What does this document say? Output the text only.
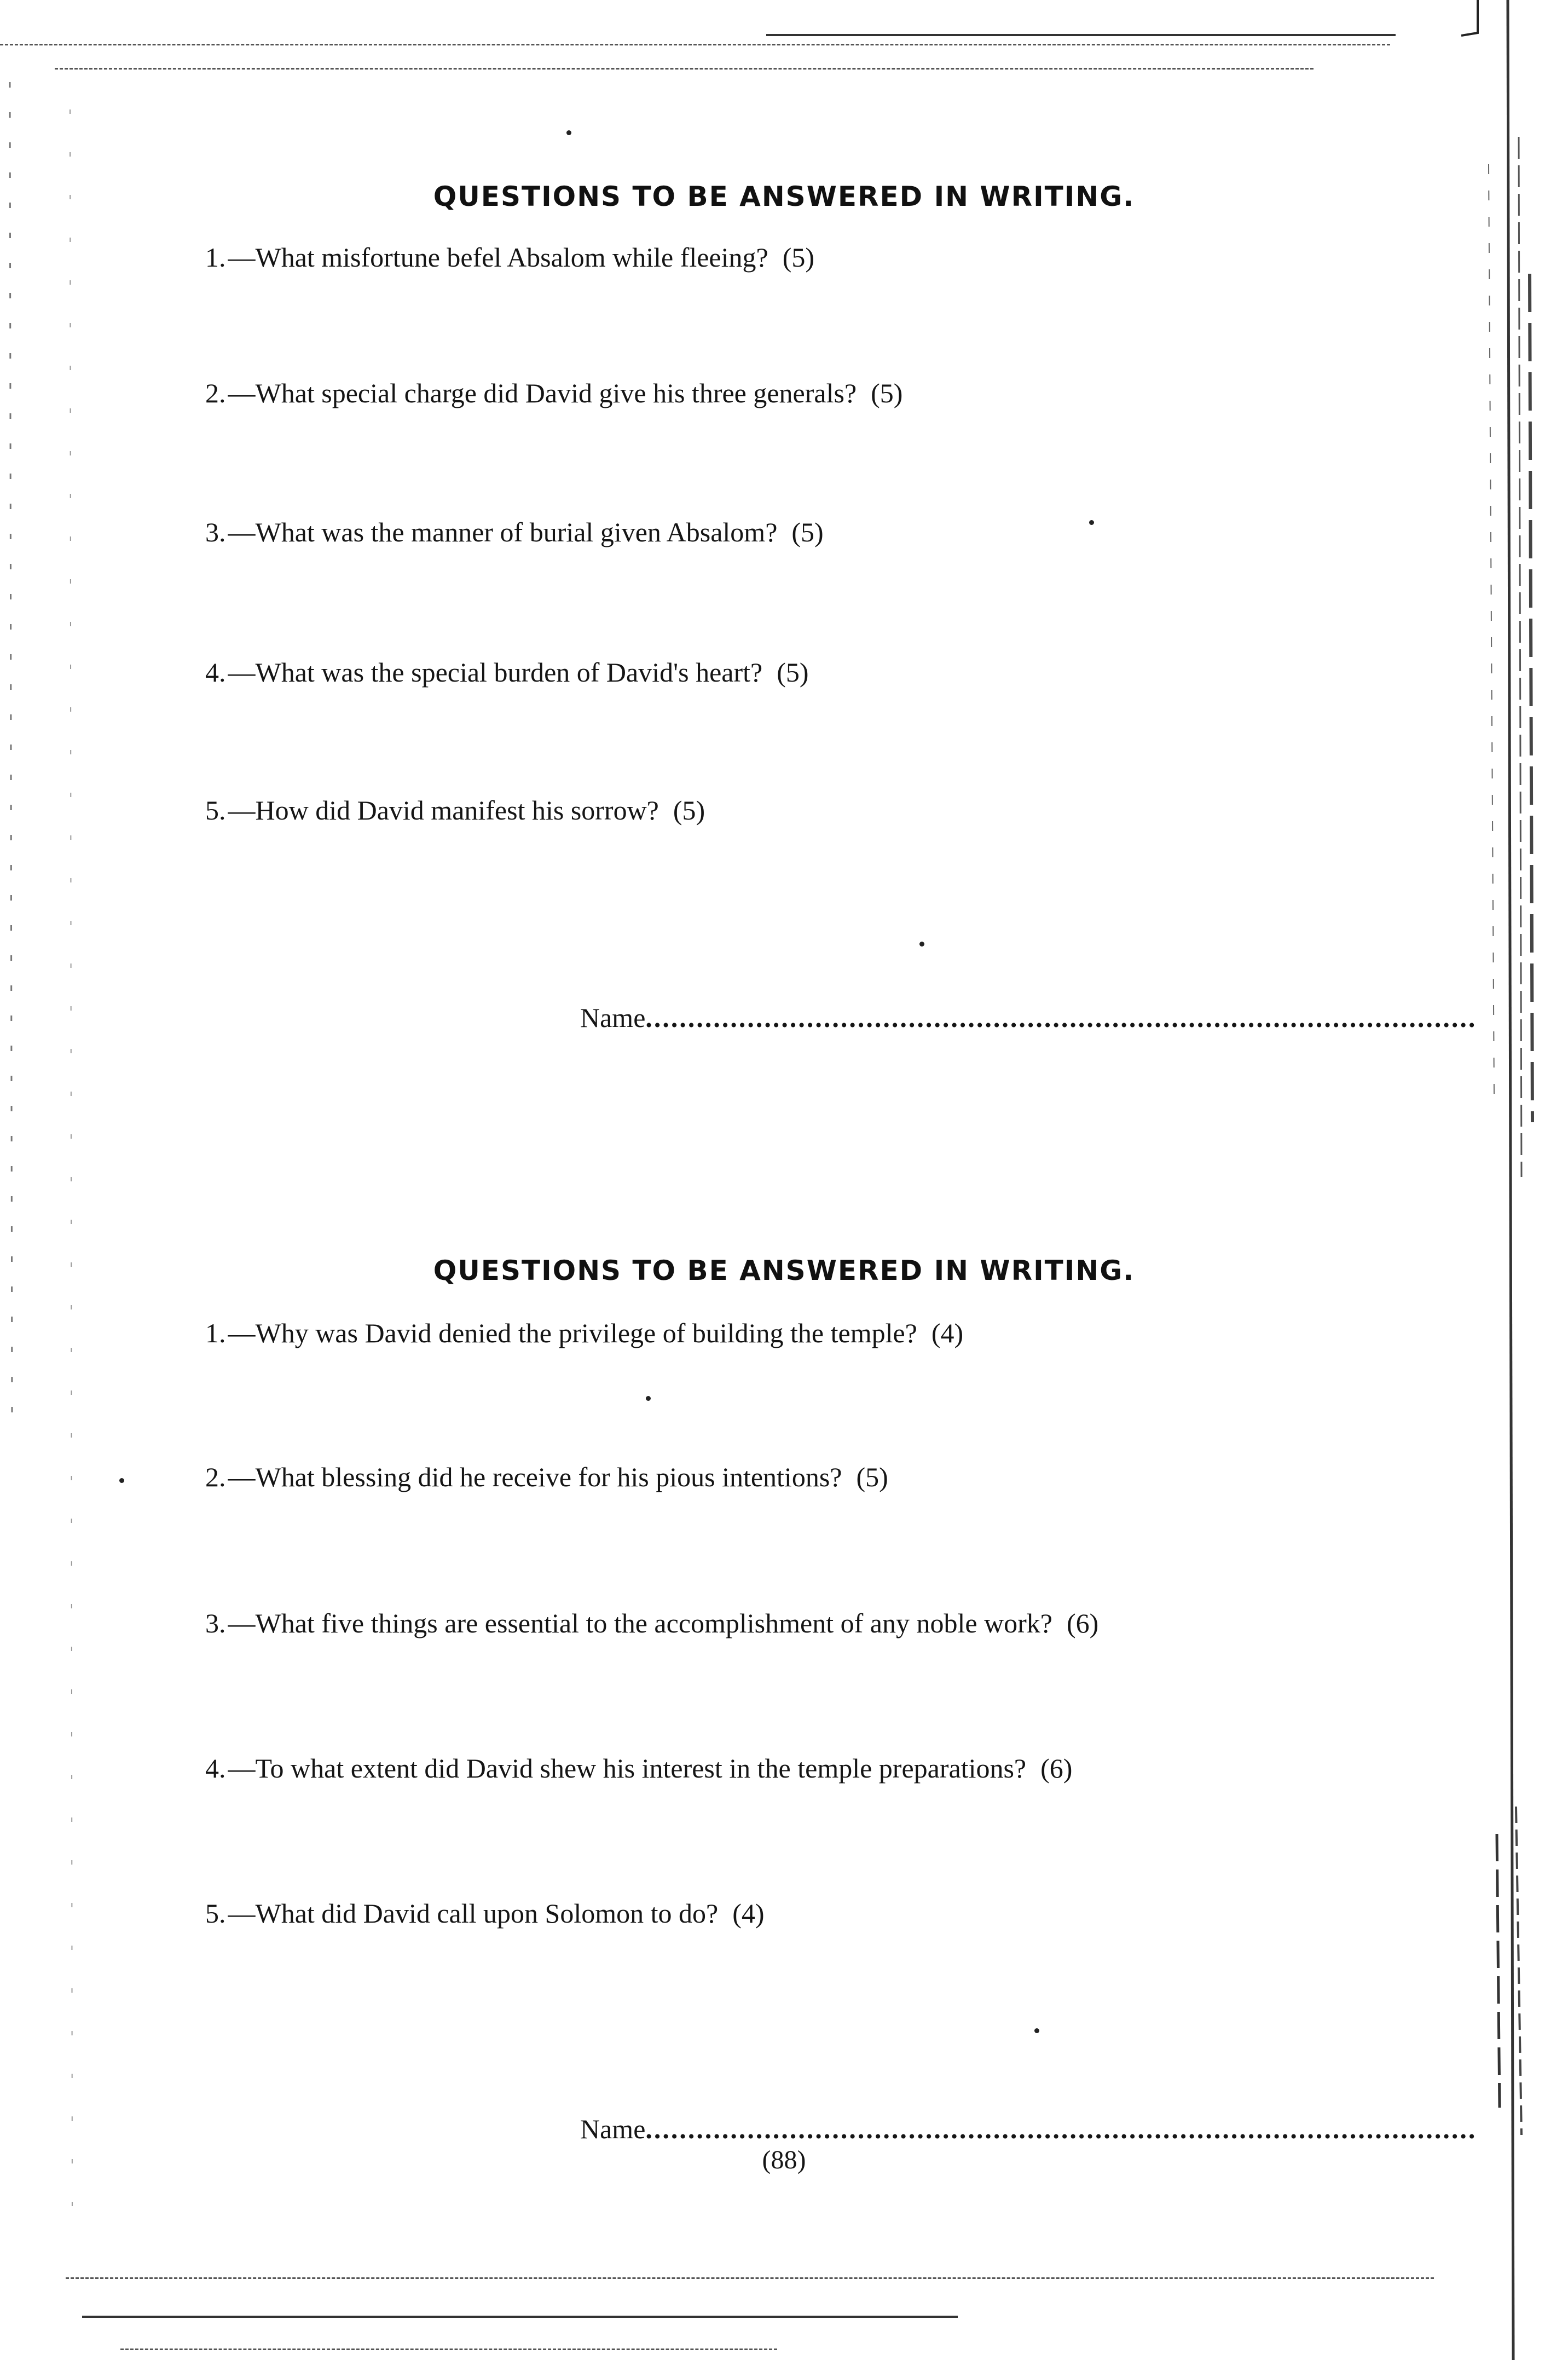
QUESTIONS TO BE ANSWERED IN WRITING.
1.—What misfortune befel Absalom while fleeing? (5)
2.—What special charge did David give his three generals? (5)
3.—What was the manner of burial given Absalom? (5)
4.—What was the special burden of David's heart? (5)
5.—How did David manifest his sorrow? (5)
Name..................................................................................................
QUESTIONS TO BE ANSWERED IN WRITING.
1.—Why was David denied the privilege of building the temple? (4)
2.—What blessing did he receive for his pious intentions? (5)
3.—What five things are essential to the accomplishment of any noble work? (6)
4.—To what extent did David shew his interest in the temple preparations? (6)
5.—What did David call upon Solomon to do? (4)
Name..................................................................................................
(88)
